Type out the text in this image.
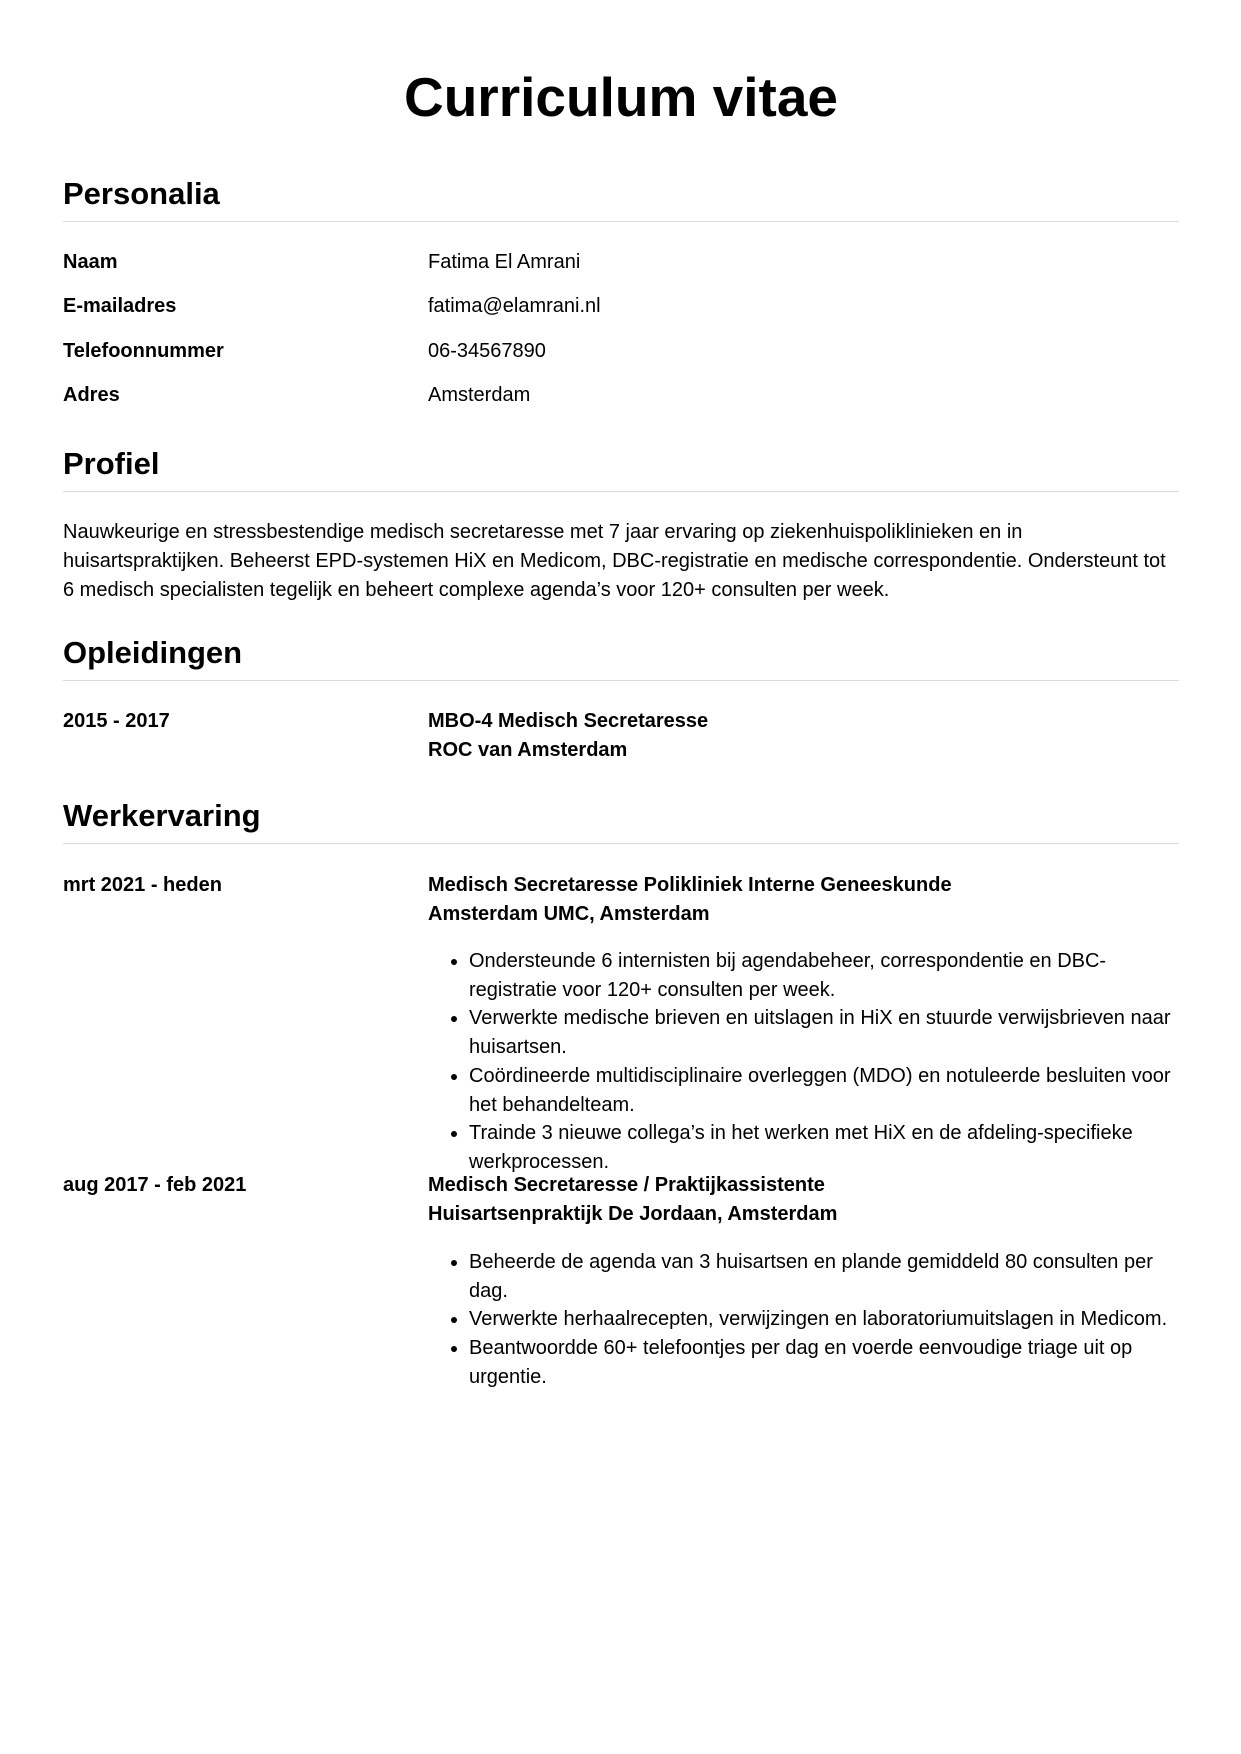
Curriculum vitae
Personalia
Naam	Fatima El Amrani
E-mailadres	fatima@elamrani.nl
Telefoonnummer	06-34567890
Adres	Amsterdam
Profiel

Nauwkeurige en stressbestendige medisch secretaresse met 7 jaar ervaring op ziekenhuispoliklinieken en in huisartspraktijken. Beheerst EPD-systemen HiX en Medicom, DBC-registratie en medische correspondentie. Ondersteunt tot 6 medisch specialisten tegelijk en beheert complexe agenda’s voor 120+ consulten per week.

Opleidingen
2015 - 2017	MBO-4 Medisch Secretaresse
ROC van Amsterdam
Werkervaring
mrt 2021 - heden	Medisch Secretaresse Polikliniek Interne Geneeskunde
Amsterdam UMC, Amsterdam
• Ondersteunde 6 internisten bij agendabeheer, correspondentie en DBC-registratie voor 120+ consulten per week.
• Verwerkte medische brieven en uitslagen in HiX en stuurde verwijsbrieven naar huisartsen.
• Coördineerde multidisciplinaire overleggen (MDO) en notuleerde besluiten voor het behandelteam.
• Trainde 3 nieuwe collega’s in het werken met HiX en de afdeling-specifieke werkprocessen.
aug 2017 - feb 2021	Medisch Secretaresse / Praktijkassistente
Huisartsenpraktijk De Jordaan, Amsterdam
• Beheerde de agenda van 3 huisartsen en plande gemiddeld 80 consulten per dag.
• Verwerkte herhaalrecepten, verwijzingen en laboratoriumuitslagen in Medicom.
• Beantwoordde 60+ telefoontjes per dag en voerde eenvoudige triage uit op urgentie.
